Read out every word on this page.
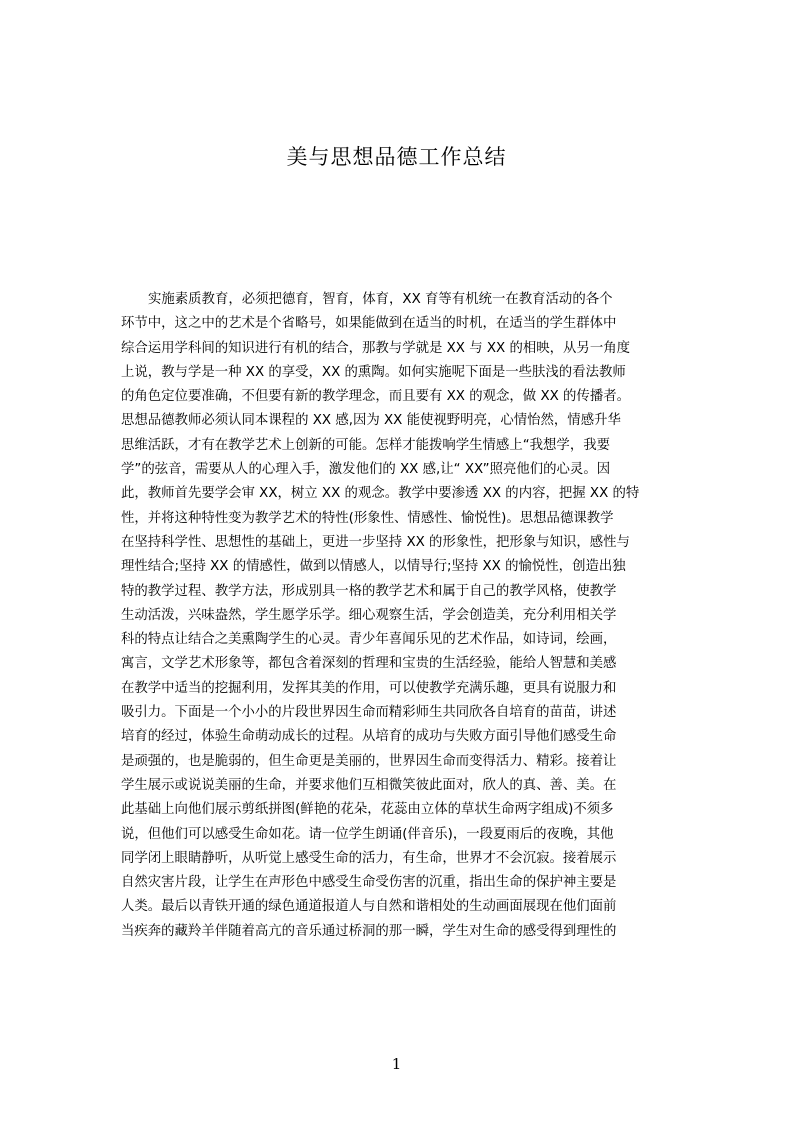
美与思想品德工作总结
实施素质教育，必须把德育，智育，体育，XX 育等有机统一在教育活动的各个
环节中，这之中的艺术是个省略号，如果能做到在适当的时机，在适当的学生群体中
综合运用学科间的知识进行有机的结合，那教与学就是 XX 与 XX 的相映，从另一角度
上说，教与学是一种 XX 的享受，XX 的熏陶。如何实施呢下面是一些肤浅的看法教师
的角色定位要准确，不但要有新的教学理念，而且要有 XX 的观念，做 XX 的传播者。
思想品德教师必须认同本课程的 XX 感,因为 XX 能使视野明亮，心情怡然，情感升华
思维活跃，才有在教学艺术上创新的可能。怎样才能拨响学生情感上“我想学，我要
学”的弦音，需要从人的心理入手，激发他们的 XX 感,让“ XX”照亮他们的心灵。因
此，教师首先要学会审 XX，树立 XX 的观念。教学中要渗透 XX 的内容，把握 XX 的特
性，并将这种特性变为教学艺术的特性(形象性、情感性、愉悦性)。思想品德课教学
在坚持科学性、思想性的基础上，更进一步坚持 XX 的形象性，把形象与知识，感性与
理性结合;坚持 XX 的情感性，做到以情感人，以情导行;坚持 XX 的愉悦性，创造出独
特的教学过程、教学方法，形成别具一格的教学艺术和属于自己的教学风格，使教学
生动活泼，兴味盎然，学生愿学乐学。细心观察生活，学会创造美，充分利用相关学
科的特点让结合之美熏陶学生的心灵。青少年喜闻乐见的艺术作品，如诗词，绘画，
寓言，文学艺术形象等，都包含着深刻的哲理和宝贵的生活经验，能给人智慧和美感
在教学中适当的挖掘利用，发挥其美的作用，可以使教学充满乐趣，更具有说服力和
吸引力。下面是一个小小的片段世界因生命而精彩师生共同欣各自培育的苗苗，讲述
培育的经过，体验生命萌动成长的过程。从培育的成功与失败方面引导他们感受生命
是顽强的，也是脆弱的，但生命更是美丽的，世界因生命而变得活力、精彩。接着让
学生展示或说说美丽的生命，并要求他们互相微笑彼此面对，欣人的真、善、美。在
此基础上向他们展示剪纸拼图(鲜艳的花朵，花蕊由立体的草状生命两字组成)不须多
说，但他们可以感受生命如花。请一位学生朗诵(伴音乐)，一段夏雨后的夜晚，其他
同学闭上眼睛静听，从听觉上感受生命的活力，有生命，世界才不会沉寂。接着展示
自然灾害片段，让学生在声形色中感受生命受伤害的沉重，指出生命的保护神主要是
人类。最后以青铁开通的绿色通道报道人与自然和谐相处的生动画面展现在他们面前
当疾奔的藏羚羊伴随着高亢的音乐通过桥洞的那一瞬，学生对生命的感受得到理性的
1
